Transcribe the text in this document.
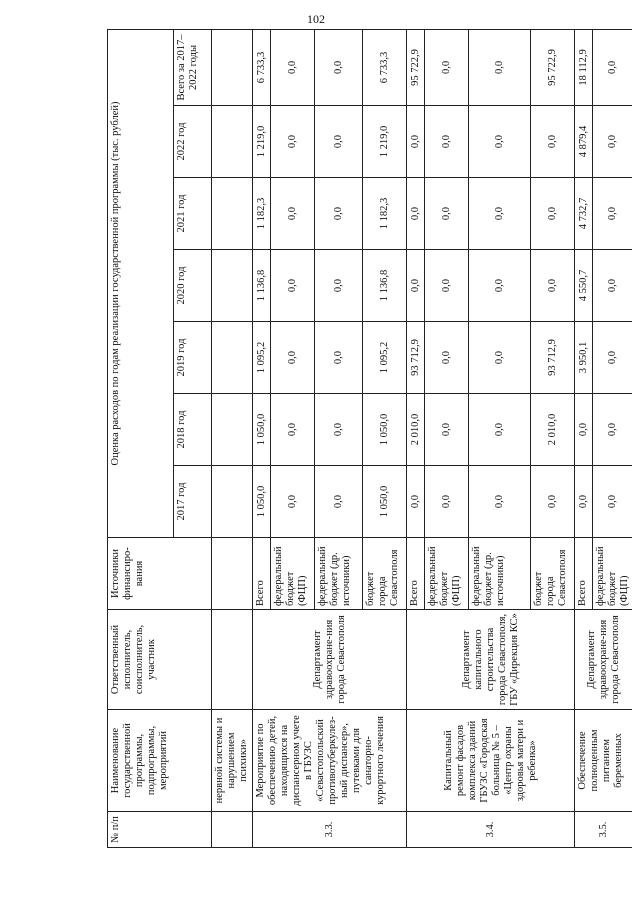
102
№ п/п	Наименование государственной программы, подпрограммы, мероприятий	Ответственный исполнитель, соисполнитель, участник	Источники финансиро-вания	Оценка расходов по годам реализации государственной программы (тыс. рублей)						
				2017 год	2018 год	2019 год	2020 год	2021 год	2022 год	Всего за 2017–2022 годы
	нервной системы и нарушением психики»									
3.3.	Мероприятие по обеспечению детей, находящихся на диспансерном учете в ГБУЗС «Севастопольский противотуберкулез-ный диспансер», путевками для санаторно-курортного лечения	Департамент здравоохране-ния города Севастополя	Всего	1 050,0	1 050,0	1 095,2	1 136,8	1 182,3	1 219,0	6 733,3
			федеральный бюджет (ФЦП)	0,0	0,0	0,0	0,0	0,0	0,0	0,0
			федеральный бюджет (др. источники)	0,0	0,0	0,0	0,0	0,0	0,0	0,0
			бюджет города Севастополя	1 050,0	1 050,0	1 095,2	1 136,8	1 182,3	1 219,0	6 733,3
3.4.	Капитальный ремонт фасадов комплекса зданий ГБУЗС «Городская больница № 5 – «Центр охраны здоровья матери и ребенка»	Департамент капитального строительства города Севастополя, ГБУ «Дирекция КС»	Всего	0,0	2 010,0	93 712,9	0,0	0,0	0,0	95 722,9
			федеральный бюджет (ФЦП)	0,0	0,0	0,0	0,0	0,0	0,0	0,0
			федеральный бюджет (др. источники)	0,0	0,0	0,0	0,0	0,0	0,0	0,0
			бюджет города Севастополя	0,0	2 010,0	93 712,9	0,0	0,0	0,0	95 722,9
3.5.	Обеспечение полноценным питанием беременных	Департамент здравоохране-ния города Севастополя	Всего	0,0	0,0	3 950,1	4 550,7	4 732,7	4 879,4	18 112,9
			федеральный бюджет (ФЦП)	0,0	0,0	0,0	0,0	0,0	0,0	0,0
